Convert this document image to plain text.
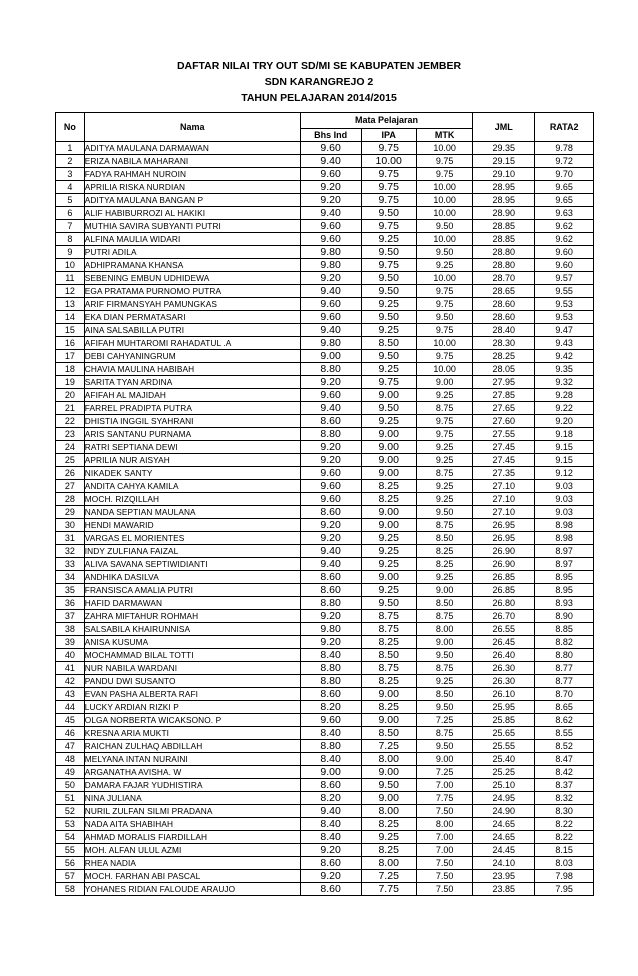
DAFTAR NILAI TRY OUT SD/MI SE KABUPATEN JEMBER
SDN KARANGREJO 2
TAHUN PELAJARAN 2014/2015
No	Nama	Mata Pelajaran			JML	RATA2
		Bhs Ind	IPA	MTK		
1	ADITYA MAULANA DARMAWAN	9.60	9.75	10.00	29.35	9.78
2	ERIZA NABILA MAHARANI	9.40	10.00	9.75	29.15	9.72
3	FADYA RAHMAH NUROIN	9.60	9.75	9.75	29.10	9.70
4	APRILIA RISKA NURDIAN	9.20	9.75	10.00	28.95	9.65
5	ADITYA MAULANA BANGAN P	9.20	9.75	10.00	28.95	9.65
6	ALIF HABIBURROZI AL HAKIKI	9.40	9.50	10.00	28.90	9.63
7	MUTHIA SAVIRA SUBYANTI PUTRI	9.60	9.75	9.50	28.85	9.62
8	ALFINA MAULIA WIDARI	9.60	9.25	10.00	28.85	9.62
9	PUTRI ADILA	9.80	9.50	9.50	28.80	9.60
10	ADHIPRAMANA KHANSA	9.80	9.75	9.25	28.80	9.60
11	SEBENING EMBUN UDHIDEWA	9.20	9.50	10.00	28.70	9.57
12	EGA PRATAMA PURNOMO PUTRA	9.40	9.50	9.75	28.65	9.55
13	ARIF FIRMANSYAH PAMUNGKAS	9.60	9.25	9.75	28.60	9.53
14	EKA DIAN PERMATASARI	9.60	9.50	9.50	28.60	9.53
15	AINA SALSABILLA PUTRI	9.40	9.25	9.75	28.40	9.47
16	AFIFAH MUHTAROMI RAHADATUL .A	9.80	8.50	10.00	28.30	9.43
17	DEBI CAHYANINGRUM	9.00	9.50	9.75	28.25	9.42
18	CHAVIA MAULINA HABIBAH	8.80	9.25	10.00	28.05	9.35
19	SARITA TYAN ARDINA	9.20	9.75	9.00	27.95	9.32
20	AFIFAH AL MAJIDAH	9.60	9.00	9.25	27.85	9.28
21	FARREL PRADIPTA PUTRA	9.40	9.50	8.75	27.65	9.22
22	DHISTIA INGGIL SYAHRANI	8.60	9.25	9.75	27.60	9.20
23	ARIS SANTANU PURNAMA	8.80	9.00	9.75	27.55	9.18
24	RATRI SEPTIANA DEWI	9.20	9.00	9.25	27.45	9.15
25	APRILIA NUR AISYAH	9.20	9.00	9.25	27.45	9.15
26	NIKADEK SANTY	9.60	9.00	8.75	27.35	9.12
27	ANDITA CAHYA KAMILA	9.60	8.25	9.25	27.10	9.03
28	MOCH. RIZQILLAH	9.60	8.25	9.25	27.10	9.03
29	NANDA SEPTIAN MAULANA	8.60	9.00	9.50	27.10	9.03
30	HENDI MAWARID	9.20	9.00	8.75	26.95	8.98
31	VARGAS EL MORIENTES	9.20	9.25	8.50	26.95	8.98
32	INDY ZULFIANA FAIZAL	9.40	9.25	8.25	26.90	8.97
33	ALIVA SAVANA SEPTIWIDIANTI	9.40	9.25	8.25	26.90	8.97
34	ANDHIKA DASILVA	8.60	9.00	9.25	26.85	8.95
35	FRANSISCA AMALIA PUTRI	8.60	9.25	9.00	26.85	8.95
36	HAFID DARMAWAN	8.80	9.50	8.50	26.80	8.93
37	ZAHRA MIFTAHUR ROHMAH	9.20	8.75	8.75	26.70	8.90
38	SALSABILA KHAIRUNNISA	9.80	8.75	8.00	26.55	8.85
39	ANISA KUSUMA	9.20	8.25	9.00	26.45	8.82
40	MOCHAMMAD BILAL TOTTI	8.40	8.50	9.50	26.40	8.80
41	NUR NABILA WARDANI	8.80	8.75	8.75	26.30	8.77
42	PANDU DWI SUSANTO	8.80	8.25	9.25	26.30	8.77
43	EVAN PASHA ALBERTA RAFI	8.60	9.00	8.50	26.10	8.70
44	LUCKY ARDIAN RIZKI P	8.20	8.25	9.50	25.95	8.65
45	OLGA NORBERTA WICAKSONO. P	9.60	9.00	7.25	25.85	8.62
46	KRESNA ARIA MUKTI	8.40	8.50	8.75	25.65	8.55
47	RAICHAN ZULHAQ ABDILLAH	8.80	7.25	9.50	25.55	8.52
48	MELYANA INTAN NURAINI	8.40	8.00	9.00	25.40	8.47
49	ARGANATHA AVISHA. W	9.00	9.00	7.25	25.25	8.42
50	DAMARA FAJAR YUDHISTIRA	8.60	9.50	7.00	25.10	8.37
51	NINA JULIANA	8.20	9.00	7.75	24.95	8.32
52	NURIL ZULFAN SILMI PRADANA	9.40	8.00	7.50	24.90	8.30
53	NADA AITA SHABIHAH	8.40	8.25	8.00	24.65	8.22
54	AHMAD MORALIS FIARDILLAH	8.40	9.25	7.00	24.65	8.22
55	MOH. ALFAN ULUL AZMI	9.20	8.25	7.00	24.45	8.15
56	RHEA NADIA	8.60	8.00	7.50	24.10	8.03
57	MOCH. FARHAN ABI PASCAL	9.20	7.25	7.50	23.95	7.98
58	YOHANES RIDIAN FALOUDE ARAUJO	8.60	7.75	7.50	23.85	7.95
